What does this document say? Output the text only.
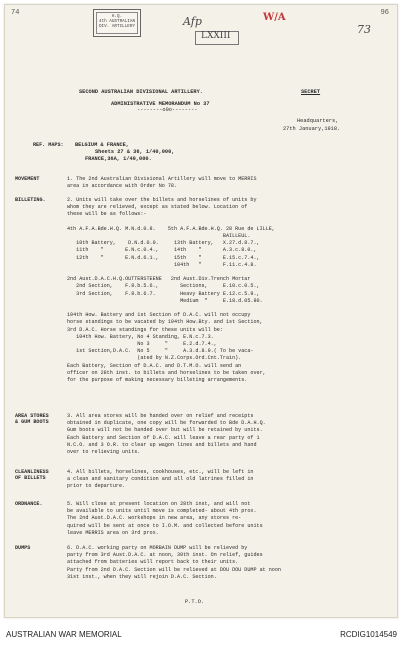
74	96
H.Q.
4th AUSTRALIAN
DIV. ARTILLERY	Afp	W/A
LXXIII	73
SECOND AUSTRALIAN DIVISIONAL ARTILLERY.	SECRET
ADMINISTRATIVE MEMORANDUM No 37
--------o0o--------
Headquarters,
27th January,1918.
REF. MAPS: BELGIUM & FRANCE,
Sheets 27 & 36, 1/40,000,
FRANCE,36A, 1/40,000.
MOVEMENT	1. The 2nd Australian Divisional Artillery will move to MERRIS
area in accordance with Order No 78.
BILLETING.	2. Units will take over the billets and horselines of units by
whom they are relieved, except as stated below. Location of
these will be as follows:-

4th A.F.A.Bde.H.Q. M.N.d.0.8.    5th A.F.A.Bde.H.Q. 28 Rue de LILLE,
BAILLEUL.
10th Battery,    D.N.d.0.0.     13th Battery,   X.27.d.8.7.,
11th    "       E.N.c.0.4.,     14th    "       A.3.c.8.0.,
12th    "       E.N.d.6.1.,     15th    "       E.15.c.7.4.,
104th   "       F.11.c.4.8.

2nd Aust.D.A.C.H.Q.OUTTERSTEENE   2nd Aust.Div.Trench Mortar
2nd Section,    F.8.b.5.6.,       Sections,     E.10.c.0.5.,
3rd Section,    F.8.b.6.7.        Heavy Battery E.12.c.5.9.,
Medium  "     E.18.d.05.80.

104th How. Battery and 1st Section of D.A.C. will not occupy
horse standings to be vacated by 104th How.Bty. and 1st Section,
3rd D.A.C. Horse standings for these units will be:
104th How. Battery, No 4 Standing, E.N.c.7.3.
No 3     "     E.2.d.7.4.,
1st Section,D.A.C.  No 5     "     A.3.d.8.9.( To be vaca-
(ated by N.Z.Corps.Ord.Cnt.Train).
Each Battery, Section of D.A.C. and D.T.M.O. will send an
officer on 28th inst. to billets and horselines to be taken over,
for the purpose of making necessary billeting arrangements.
AREA STORES
& GUM BOOTS
3. All area stores will be handed over on relief and receipts
obtained in duplicate, one copy will be forwarded to Bde D.A.H.Q.
Gum boots will not be handed over but will be retained by units.
Each Battery and Section of D.A.C. will leave a rear party of 1
N.C.O. and 3 O.R. to clear up wagon lines and billets and hand
over to relieving units.
CLEANLINESS
OF BILLETS
4. All billets, horselines, cookhouses, etc., will be left in
a clean and sanitary condition and all old latrines filled in
prior to departure.
ORDNANCE.	5. Will close at present location on 28th inst, and will not
be available to units until move is completed- about 4th prox.
The 2nd Aust.D.A.C. workshops in new area, any stores re-
quired will be sent at once to I.O.M. and collected before units
leave MERRIS area on 3rd prox.
DUMPS	6. D.A.C. working party on MORBAIN DUMP will be relieved by
party from 3rd Aust.D.A.C. at noon, 30th inst. On relief, guides
attached from batteries will report back to their units.
Party from 2nd D.A.C. Section will be relieved at DOU DOU DUMP at noon
31st inst., when they will rejoin D.A.C. Section.
P.T.O.
AUSTRALIAN WAR MEMORIAL	RCDIG1014549
